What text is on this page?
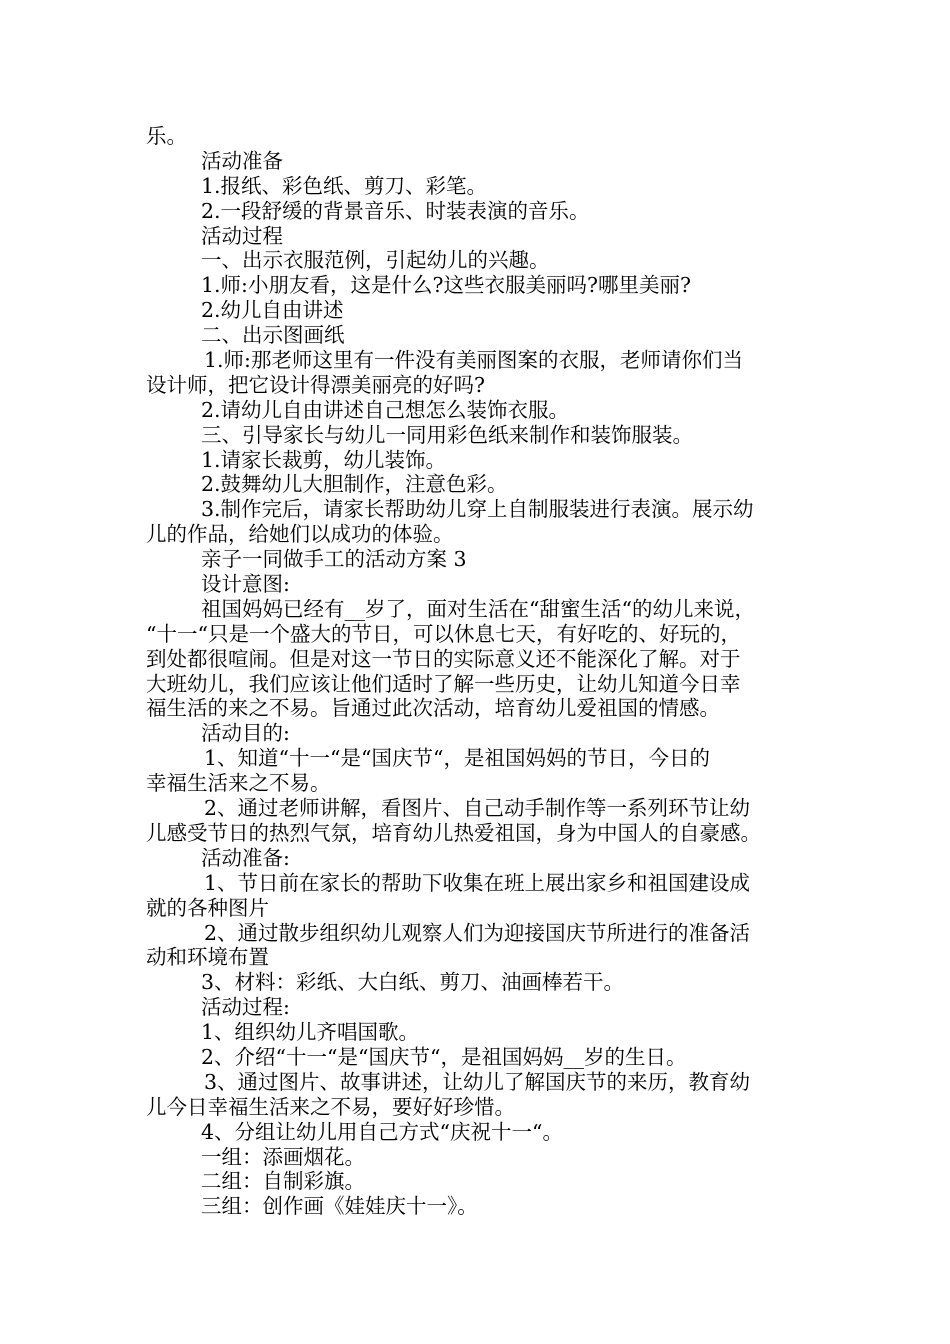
乐。
活动准备
1.报纸、彩色纸、剪刀、彩笔。
2.一段舒缓的背景音乐、时装表演的音乐。
活动过程
一、出示衣服范例，引起幼儿的兴趣。
1.师:小朋友看，这是什么?这些衣服美丽吗?哪里美丽?
2.幼儿自由讲述
二、出示图画纸
1.师:那老师这里有一件没有美丽图案的衣服，老师请你们当
设计师，把它设计得漂美丽亮的好吗?
2.请幼儿自由讲述自己想怎么装饰衣服。
三、引导家长与幼儿一同用彩色纸来制作和装饰服装。
1.请家长裁剪，幼儿装饰。
2.鼓舞幼儿大胆制作，注意色彩。
3.制作完后，请家长帮助幼儿穿上自制服装进行表演。展示幼
儿的作品，给她们以成功的体验。
亲子一同做手工的活动方案 3
设计意图:
祖国妈妈已经有__岁了，面对生活在“甜蜜生活“的幼儿来说，
“十一“只是一个盛大的节日，可以休息七天，有好吃的、好玩的，
到处都很喧闹。但是对这一节日的实际意义还不能深化了解。对于
大班幼儿，我们应该让他们适时了解一些历史，让幼儿知道今日幸
福生活的来之不易。旨通过此次活动，培育幼儿爱祖国的情感。
活动目的:
1、知道“十一“是“国庆节“，是祖国妈妈的节日，今日的
幸福生活来之不易。
2、通过老师讲解，看图片、自己动手制作等一系列环节让幼
儿感受节日的热烈气氛，培育幼儿热爱祖国，身为中国人的自豪感。
活动准备:
1、节日前在家长的帮助下收集在班上展出家乡和祖国建设成
就的各种图片
2、通过散步组织幼儿观察人们为迎接国庆节所进行的准备活
动和环境布置
3、材料：彩纸、大白纸、剪刀、油画棒若干。
活动过程:
1、组织幼儿齐唱国歌。
2、介绍“十一“是“国庆节“，是祖国妈妈__岁的生日。
3、通过图片、故事讲述，让幼儿了解国庆节的来历，教育幼
儿今日幸福生活来之不易，要好好珍惜。
4、分组让幼儿用自己方式“庆祝十一“。
一组：添画烟花。
二组：自制彩旗。
三组：创作画《娃娃庆十一》。
